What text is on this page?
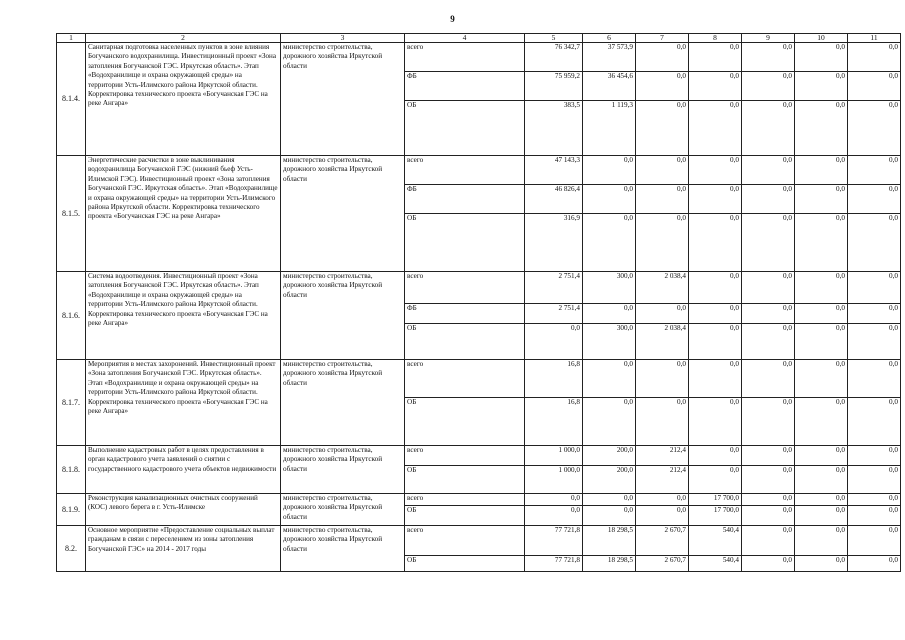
9
1	2	3	4	5	6	7	8	9	10	11
8.1.4.	Санитарная подготовка населенных пунктов в зоне влияния Богучанского водохранилища. Инвестиционный проект «Зона затопления Богучанской ГЭС. Иркутская область». Этап «Водохранилище и охрана окружающей среды» на территории Усть-Илимского района Иркутской области. Корректировка технического проекта «Богучанская ГЭС на реке Ангара»	министерство строительства, дорожного хозяйства Иркутской области	всего	76 342,7	37 573,9	0,0	0,0	0,0	0,0	0,0
			ФБ	75 959,2	36 454,6	0,0	0,0	0,0	0,0	0,0
			ОБ	383,5	1 119,3	0,0	0,0	0,0	0,0	0,0
8.1.5.	Энергетические расчистки в зоне выклинивания водохранилища Богучанской ГЭС (нижний бьеф Усть-Илимской ГЭС). Инвестиционный проект «Зона затопления Богучанской ГЭС. Иркутская область». Этап «Водохранилище и охрана окружающей среды» на территории Усть-Илимского района Иркутской области. Корректировка технического проекта «Богучанская ГЭС на реке Ангара»	министерство строительства, дорожного хозяйства Иркутской области	всего	47 143,3	0,0	0,0	0,0	0,0	0,0	0,0
			ФБ	46 826,4	0,0	0,0	0,0	0,0	0,0	0,0
			ОБ	316,9	0,0	0,0	0,0	0,0	0,0	0,0
8.1.6.	Система водоотведения. Инвестиционный проект «Зона затопления Богучанской ГЭС. Иркутская область». Этап «Водохранилище и охрана окружающей среды» на территории Усть-Илимского района Иркутской области. Корректировка технического проекта «Богучанская ГЭС на реке Ангара»	министерство строительства, дорожного хозяйства Иркутской области	всего	2 751,4	300,0	2 038,4	0,0	0,0	0,0	0,0
			ФБ	2 751,4	0,0	0,0	0,0	0,0	0,0	0,0
			ОБ	0,0	300,0	2 038,4	0,0	0,0	0,0	0,0
8.1.7.	Мероприятия в местах захоронений. Инвестиционный проект «Зона затопления Богучанской ГЭС. Иркутская область». Этап «Водохранилище и охрана окружающей среды» на территории Усть-Илимского района Иркутской области. Корректировка технического проекта «Богучанская ГЭС на реке Ангара»	министерство строительства, дорожного хозяйства Иркутской области	всего	16,8	0,0	0,0	0,0	0,0	0,0	0,0
			ОБ	16,8	0,0	0,0	0,0	0,0	0,0	0,0
8.1.8.	Выполнение кадастровых работ в целях предоставления в орган кадастрового учета заявлений о снятии с государственного кадастрового учета объектов недвижимости	министерство строительства, дорожного хозяйства Иркутской области	всего	1 000,0	200,0	212,4	0,0	0,0	0,0	0,0
			ОБ	1 000,0	200,0	212,4	0,0	0,0	0,0	0,0
8.1.9.	Реконструкция канализационных очистных сооружений (КОС) левого берега в г. Усть-Илимске	министерство строительства, дорожного хозяйства Иркутской области	всего	0,0	0,0	0,0	17 700,0	0,0	0,0	0,0
			ОБ	0,0	0,0	0,0	17 700,0	0,0	0,0	0,0
8.2.	Основное мероприятие «Предоставление социальных выплат гражданам в связи с переселением из зоны затопления Богучанской ГЭС» на 2014 - 2017 годы	министерство строительства, дорожного хозяйства Иркутской области	всего	77 721,8	18 298,5	2 670,7	540,4	0,0	0,0	0,0
			ОБ	77 721,8	18 298,5	2 670,7	540,4	0,0	0,0	0,0
